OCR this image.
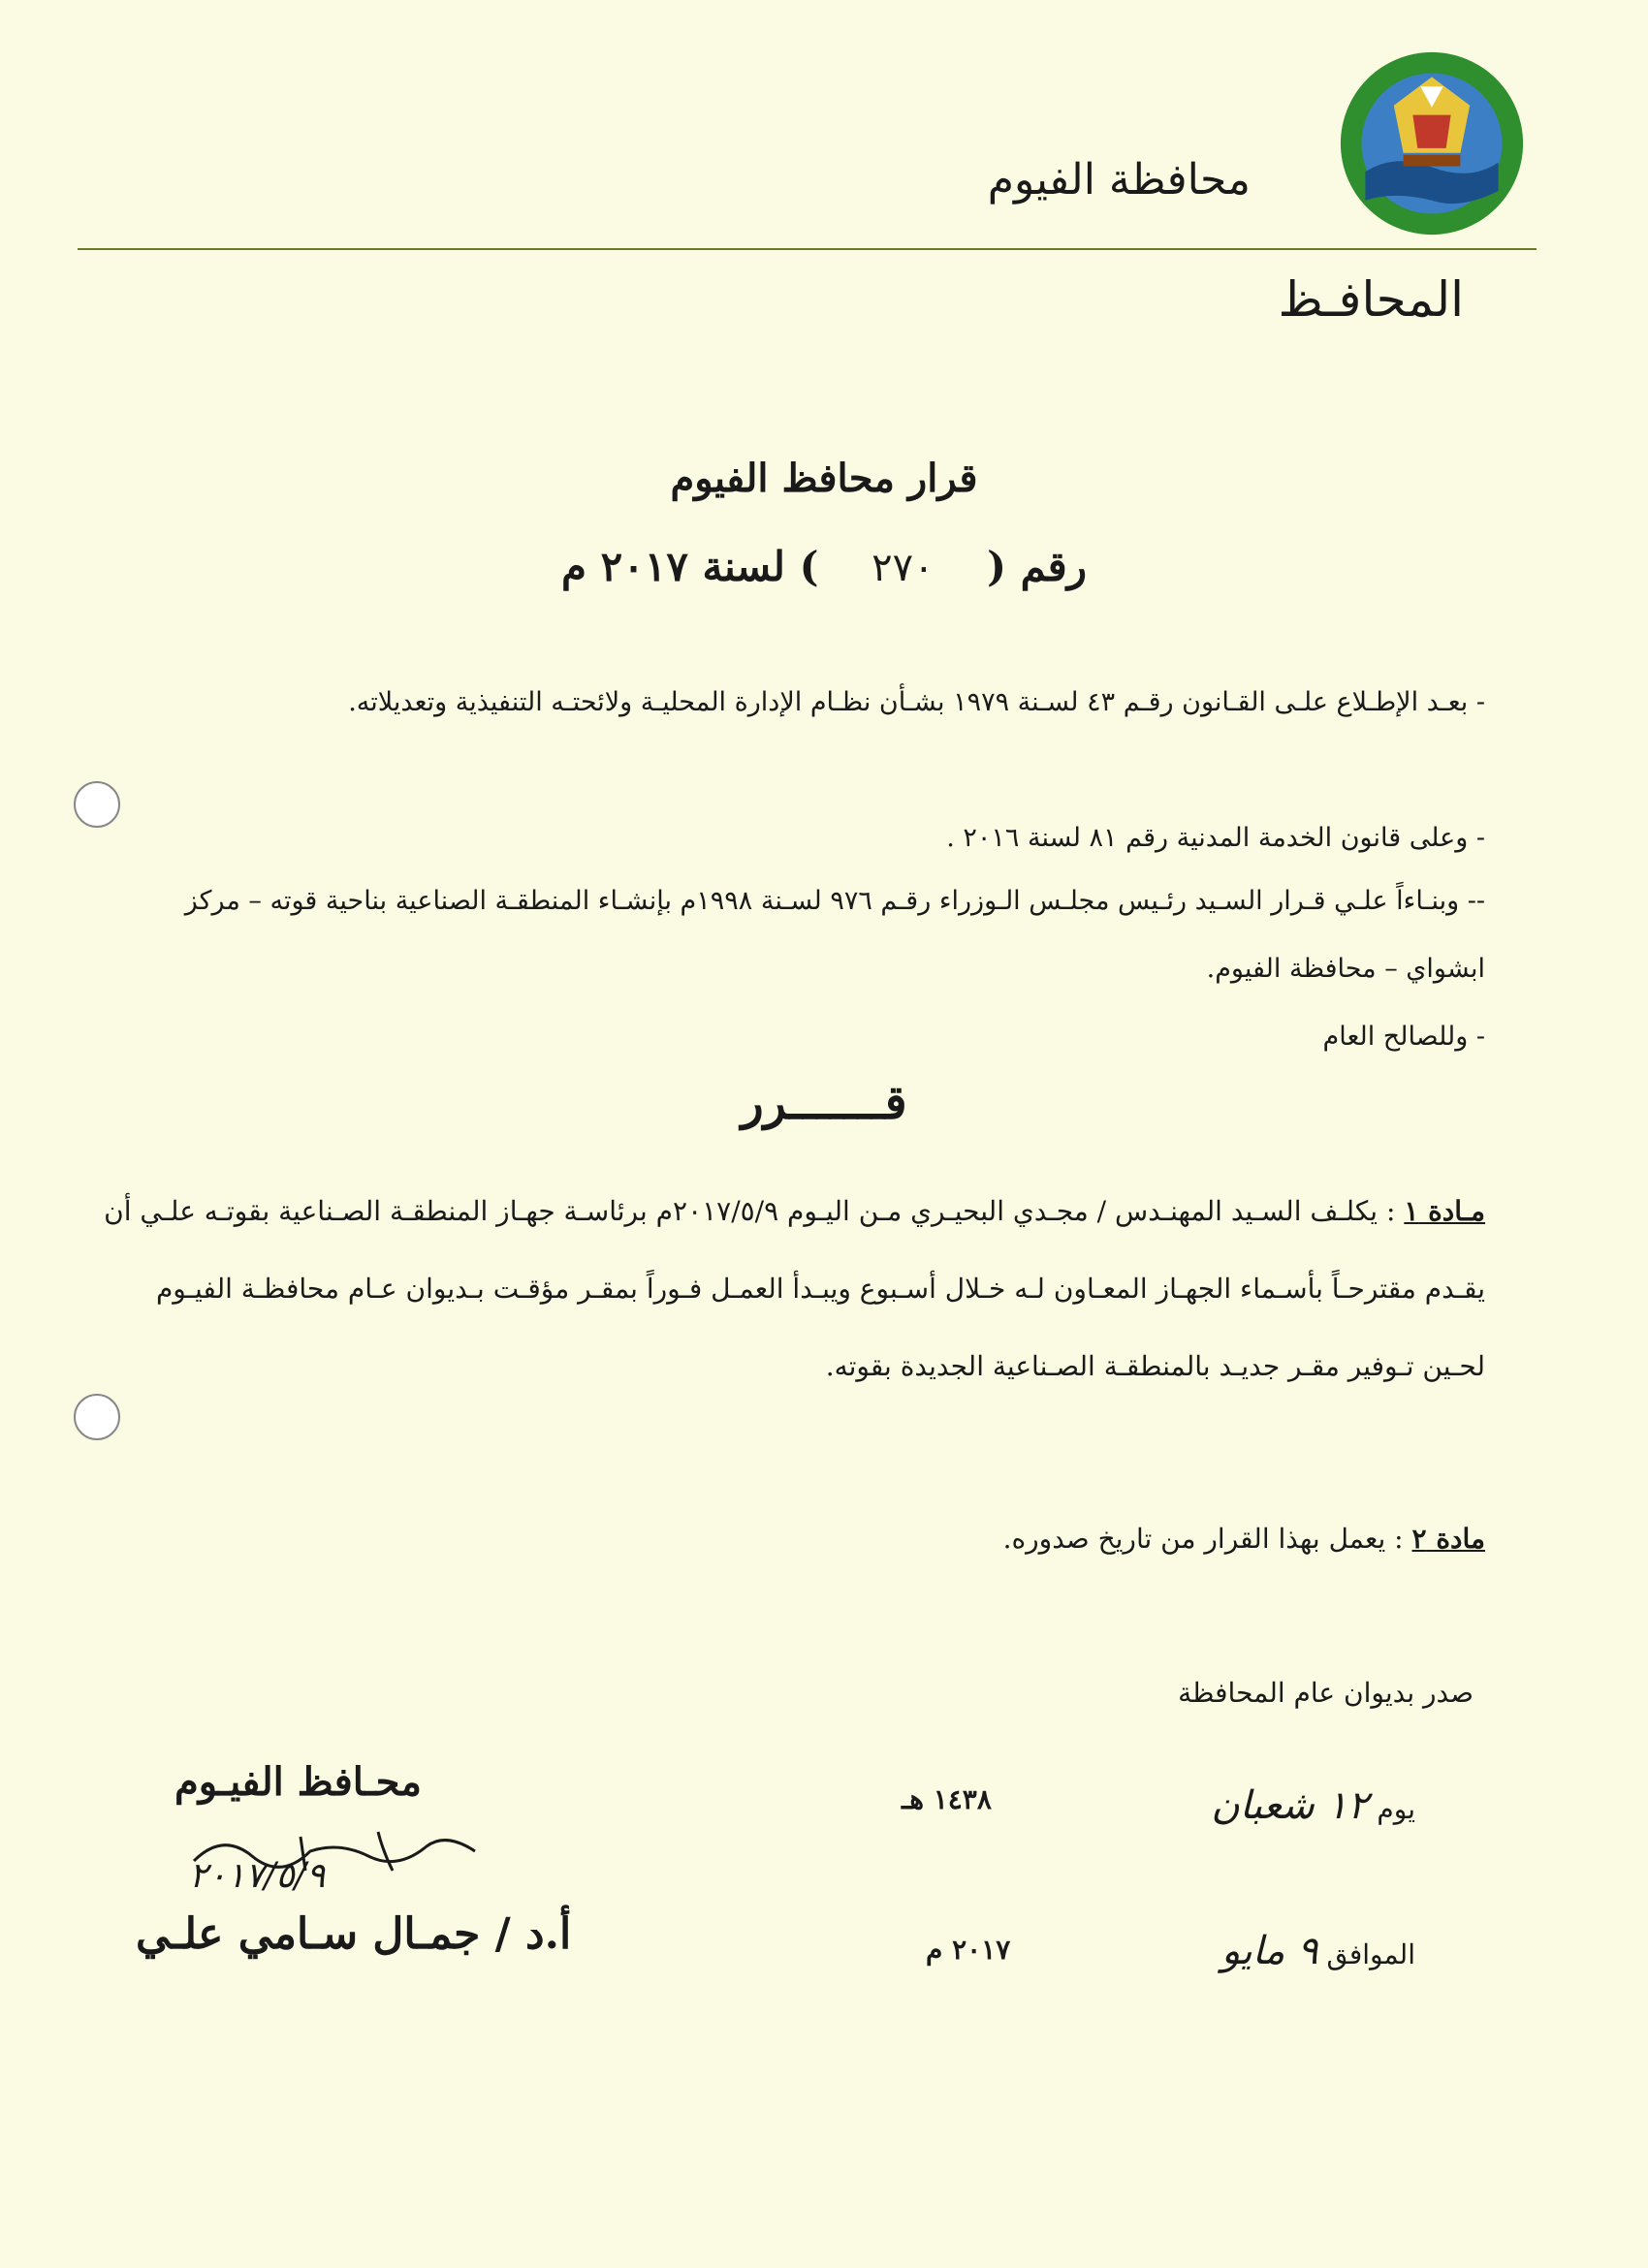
محافظة الفيوم
المحافـظ
قرار محافظ الفيوم
رقم ( ٢٧٠ ) لسنة ٢٠١٧ م
- بعـد الإطـلاع علـى القـانون رقـم ٤٣ لسـنة ١٩٧٩ بشـأن نظـام الإدارة المحليـة ولائحتـه التنفيذية وتعديلاته.
- وعلى قانون الخدمة المدنية رقم ٨١ لسنة ٢٠١٦ .
-- وبنـاءاً علـي قـرار السـيد رئـيس مجلـس الـوزراء رقـم ٩٧٦ لسـنة ١٩٩٨م بإنشـاء المنطقـة الصناعية بناحية قوته – مركز ابشواي – محافظة الفيوم.
- وللصالح العام
قـــــــرر
مـادة ١ : يكلـف السـيد المهنـدس / مجـدي البحيـري مـن اليـوم ٢٠١٧/٥/٩م برئاسـة جهـاز المنطقـة الصـناعية بقوتـه علـي أن يقـدم مقترحـاً بأسـماء الجهـاز المعـاون لـه خـلال أسـبوع ويبـدأ العمـل فـوراً بمقـر مؤقـت بـديوان عـام محافظـة الفيـوم لحـين تـوفير مقـر جديـد بالمنطقـة الصـناعية الجديدة بقوته.
مادة ٢ : يعمل بهذا القرار من تاريخ صدوره.
صدر بديوان عام المحافظة
يوم ١٢ شعبان
١٤٣٨ هـ
الموافق ٩ مايو
٢٠١٧ م
محـافظ الفيـوم
٢٠١٧/٥/٩
أ.د / جمـال سـامي علـي
